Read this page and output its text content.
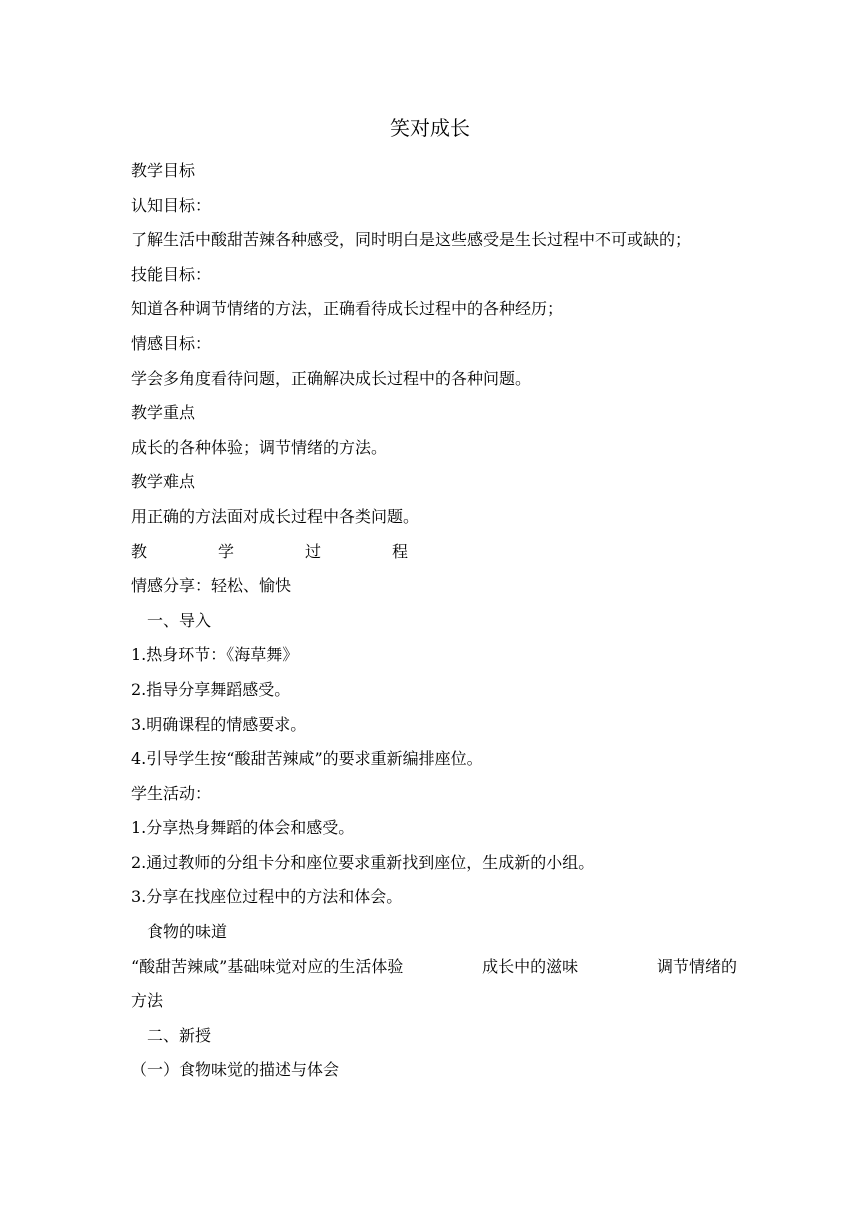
笑对成长
教学目标
认知目标：
了解生活中酸甜苦辣各种感受，同时明白是这些感受是生长过程中不可或缺的；
技能目标：
知道各种调节情绪的方法，正确看待成长过程中的各种经历；
情感目标：
学会多角度看待问题，正确解决成长过程中的各种问题。
教学重点
成长的各种体验；调节情绪的方法。
教学难点
用正确的方法面对成长过程中各类问题。
教	学	过	程
情感分享：轻松、愉快
一、导入
1.热身环节：《海草舞》
2.指导分享舞蹈感受。
3.明确课程的情感要求。
4.引导学生按“酸甜苦辣咸”的要求重新编排座位。
学生活动：
1.分享热身舞蹈的体会和感受。
2.通过教师的分组卡分和座位要求重新找到座位，生成新的小组。
3.分享在找座位过程中的方法和体会。
食物的味道
“酸甜苦辣咸”基础味觉对应的生活体验	成长中的滋味	调节情绪的
方法
二、新授
（一）食物味觉的描述与体会
